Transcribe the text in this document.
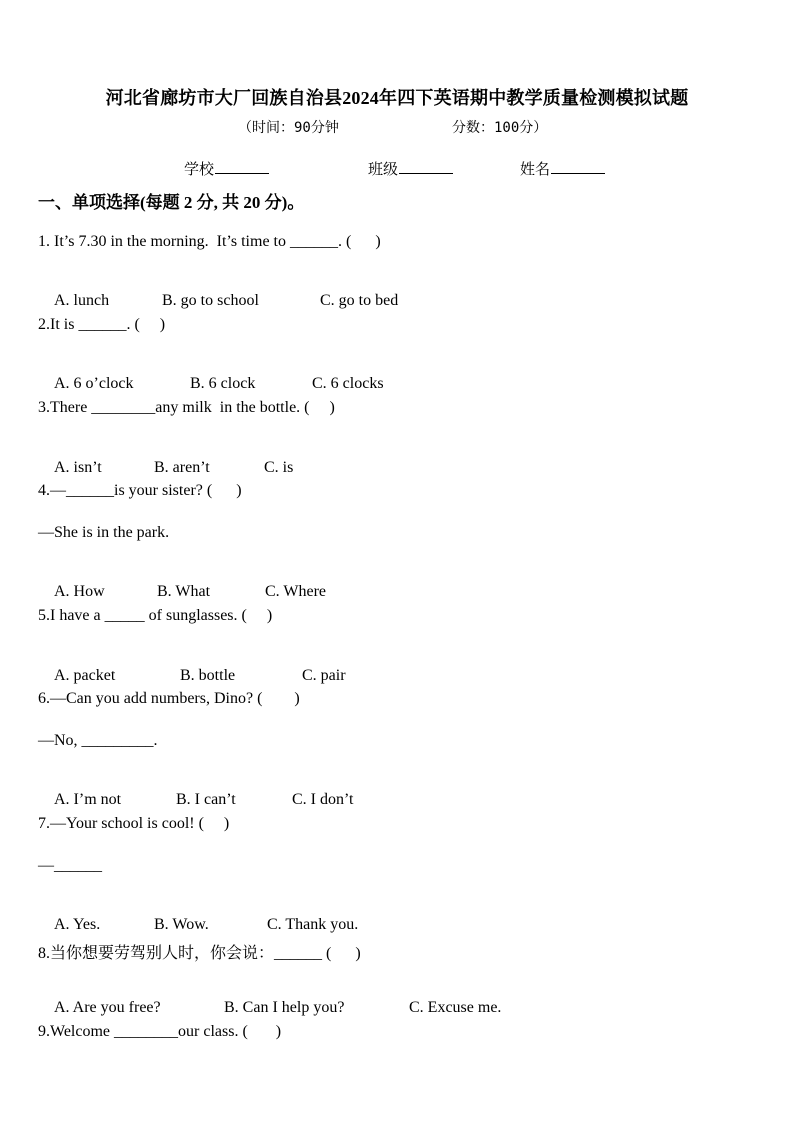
河北省廊坊市大厂回族自治县2024年四下英语期中教学质量检测模拟试题
（时间：90分钟	分数：100分）
学校	班级	姓名
一、单项选择(每题 2 分, 共 20 分)。
1. It’s 7.30 in the morning.  It’s time to ______. (      )

A. lunch	B. go to school	C. go to bed

2.It is ______. (     )

A. 6 o’clock	B. 6 clock	C. 6 clocks

3.There ________any milk  in the bottle. (     )

A. isn’t	B. aren’t	C. is

4.—______is your sister? (      )
—She is in the park.

A. How	B. What	C. Where

5.I have a _____ of sunglasses. (     )

A. packet	B. bottle	C. pair

6.—Can you add numbers, Dino? (        )
—No, _________.

A. I’m not	B. I can’t	C. I don’t

7.—Your school is cool! (     )
—______

A. Yes.	B. Wow.	C. Thank you.

8.当你想要劳驾别人时，你会说：______ (      )

A. Are you free?	B. Can I help you?	C. Excuse me.

9.Welcome ________our class. (       )
